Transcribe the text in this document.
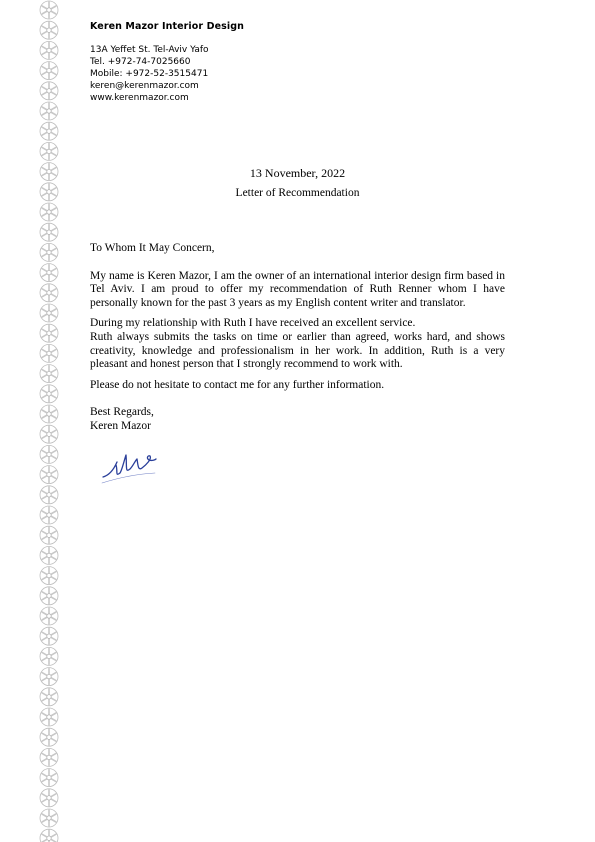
Keren Mazor Interior Design
13A Yeffet St. Tel-Aviv Yafo
Tel. +972-74-7025660
Mobile: +972-52-3515471
keren@kerenmazor.com
www.kerenmazor.com
13 November, 2022
Letter of Recommendation

To Whom It May Concern,

My name is Keren Mazor, I am the owner of an international interior design firm based in Tel Aviv. I am proud to offer my recommendation of Ruth Renner whom I have personally known for the past 3 years as my English content writer and translator.

During my relationship with Ruth I have received an excellent service.

Ruth always submits the tasks on time or earlier than agreed, works hard, and shows creativity, knowledge and professionalism in her work. In addition, Ruth is a very pleasant and honest person that I strongly recommend to work with.

Please do not hesitate to contact me for any further information.

Best Regards,

Keren Mazor
